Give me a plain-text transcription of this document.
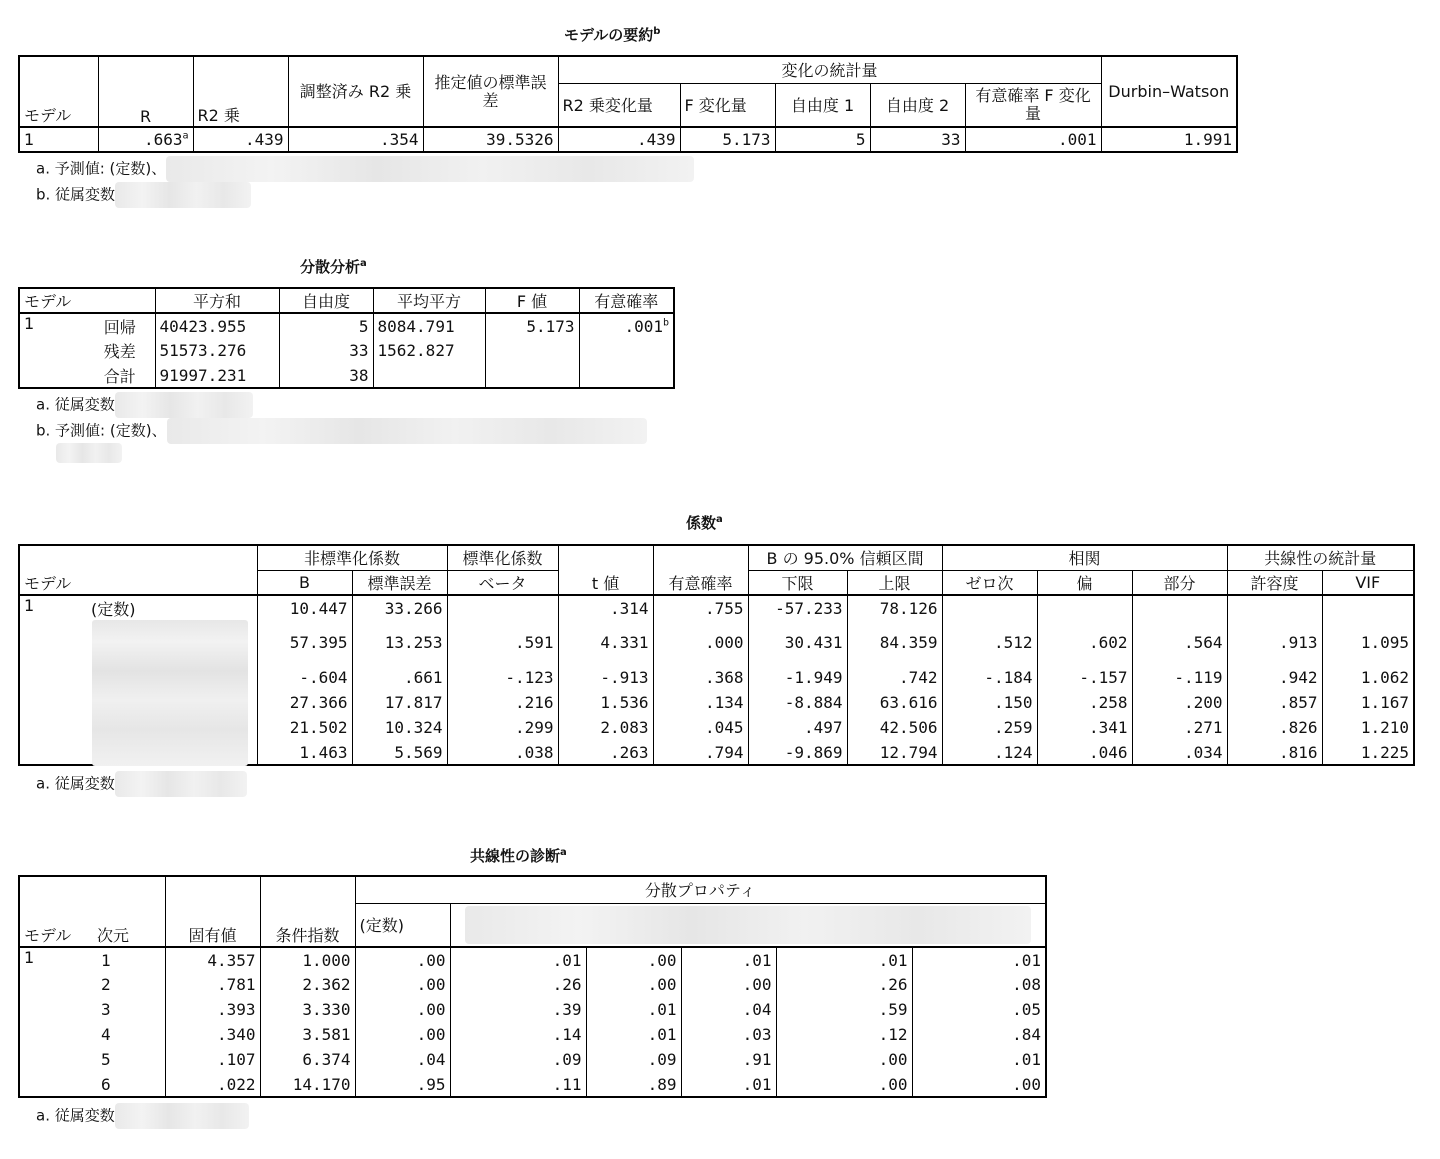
モデルの要約$^b$
モデル	R	R2 乗	調整済み R2 乗	推定値の標準誤差	変化の統計量					Durbin–Watson
					R2 乗変化量	F 変化量	自由度 1	自由度 2	有意確率 F 変化量	
1	.663$^a$	.439	.354	39.5326	.439	5.173	5	33	.001	1.991
a. 予測値: (定数)、
b. 従属変数
分散分析$^a$
モデル		平方和	自由度	平均平方	F 値	有意確率
1	回帰	40423.955	5	8084.791	5.173	.001$^b$
	残差	51573.276	33	1562.827		
	合計	91997.231	38			
a. 従属変数
b. 予測値: (定数)、
係数$^a$
モデル		非標準化係数		標準化係数	t 値	有意確率	B の 95.0% 信頼区間		相関			共線性の統計量	
		B	標準誤差	ベータ			下限	上限	ゼロ次	偏	部分	許容度	VIF
1	(定数)	10.447	33.266		.314	.755	-57.233	78.126					
		57.395	13.253	.591	4.331	.000	30.431	84.359	.512	.602	.564	.913	1.095
		-.604	.661	-.123	-.913	.368	-1.949	.742	-.184	-.157	-.119	.942	1.062
		27.366	17.817	.216	1.536	.134	-8.884	63.616	.150	.258	.200	.857	1.167
		21.502	10.324	.299	2.083	.045	.497	42.506	.259	.341	.271	.826	1.210
		1.463	5.569	.038	.263	.794	-9.869	12.794	.124	.046	.034	.816	1.225
a. 従属変数
共線性の診断$^a$
モデル	次元	固有値	条件指数	分散プロパティ					
				(定数)					
1	1	4.357	1.000	.00	.01	.00	.01	.01	.01
	2	.781	2.362	.00	.26	.00	.00	.26	.08
	3	.393	3.330	.00	.39	.01	.04	.59	.05
	4	.340	3.581	.00	.14	.01	.03	.12	.84
	5	.107	6.374	.04	.09	.09	.91	.00	.01
	6	.022	14.170	.95	.11	.89	.01	.00	.00
a. 従属変数
